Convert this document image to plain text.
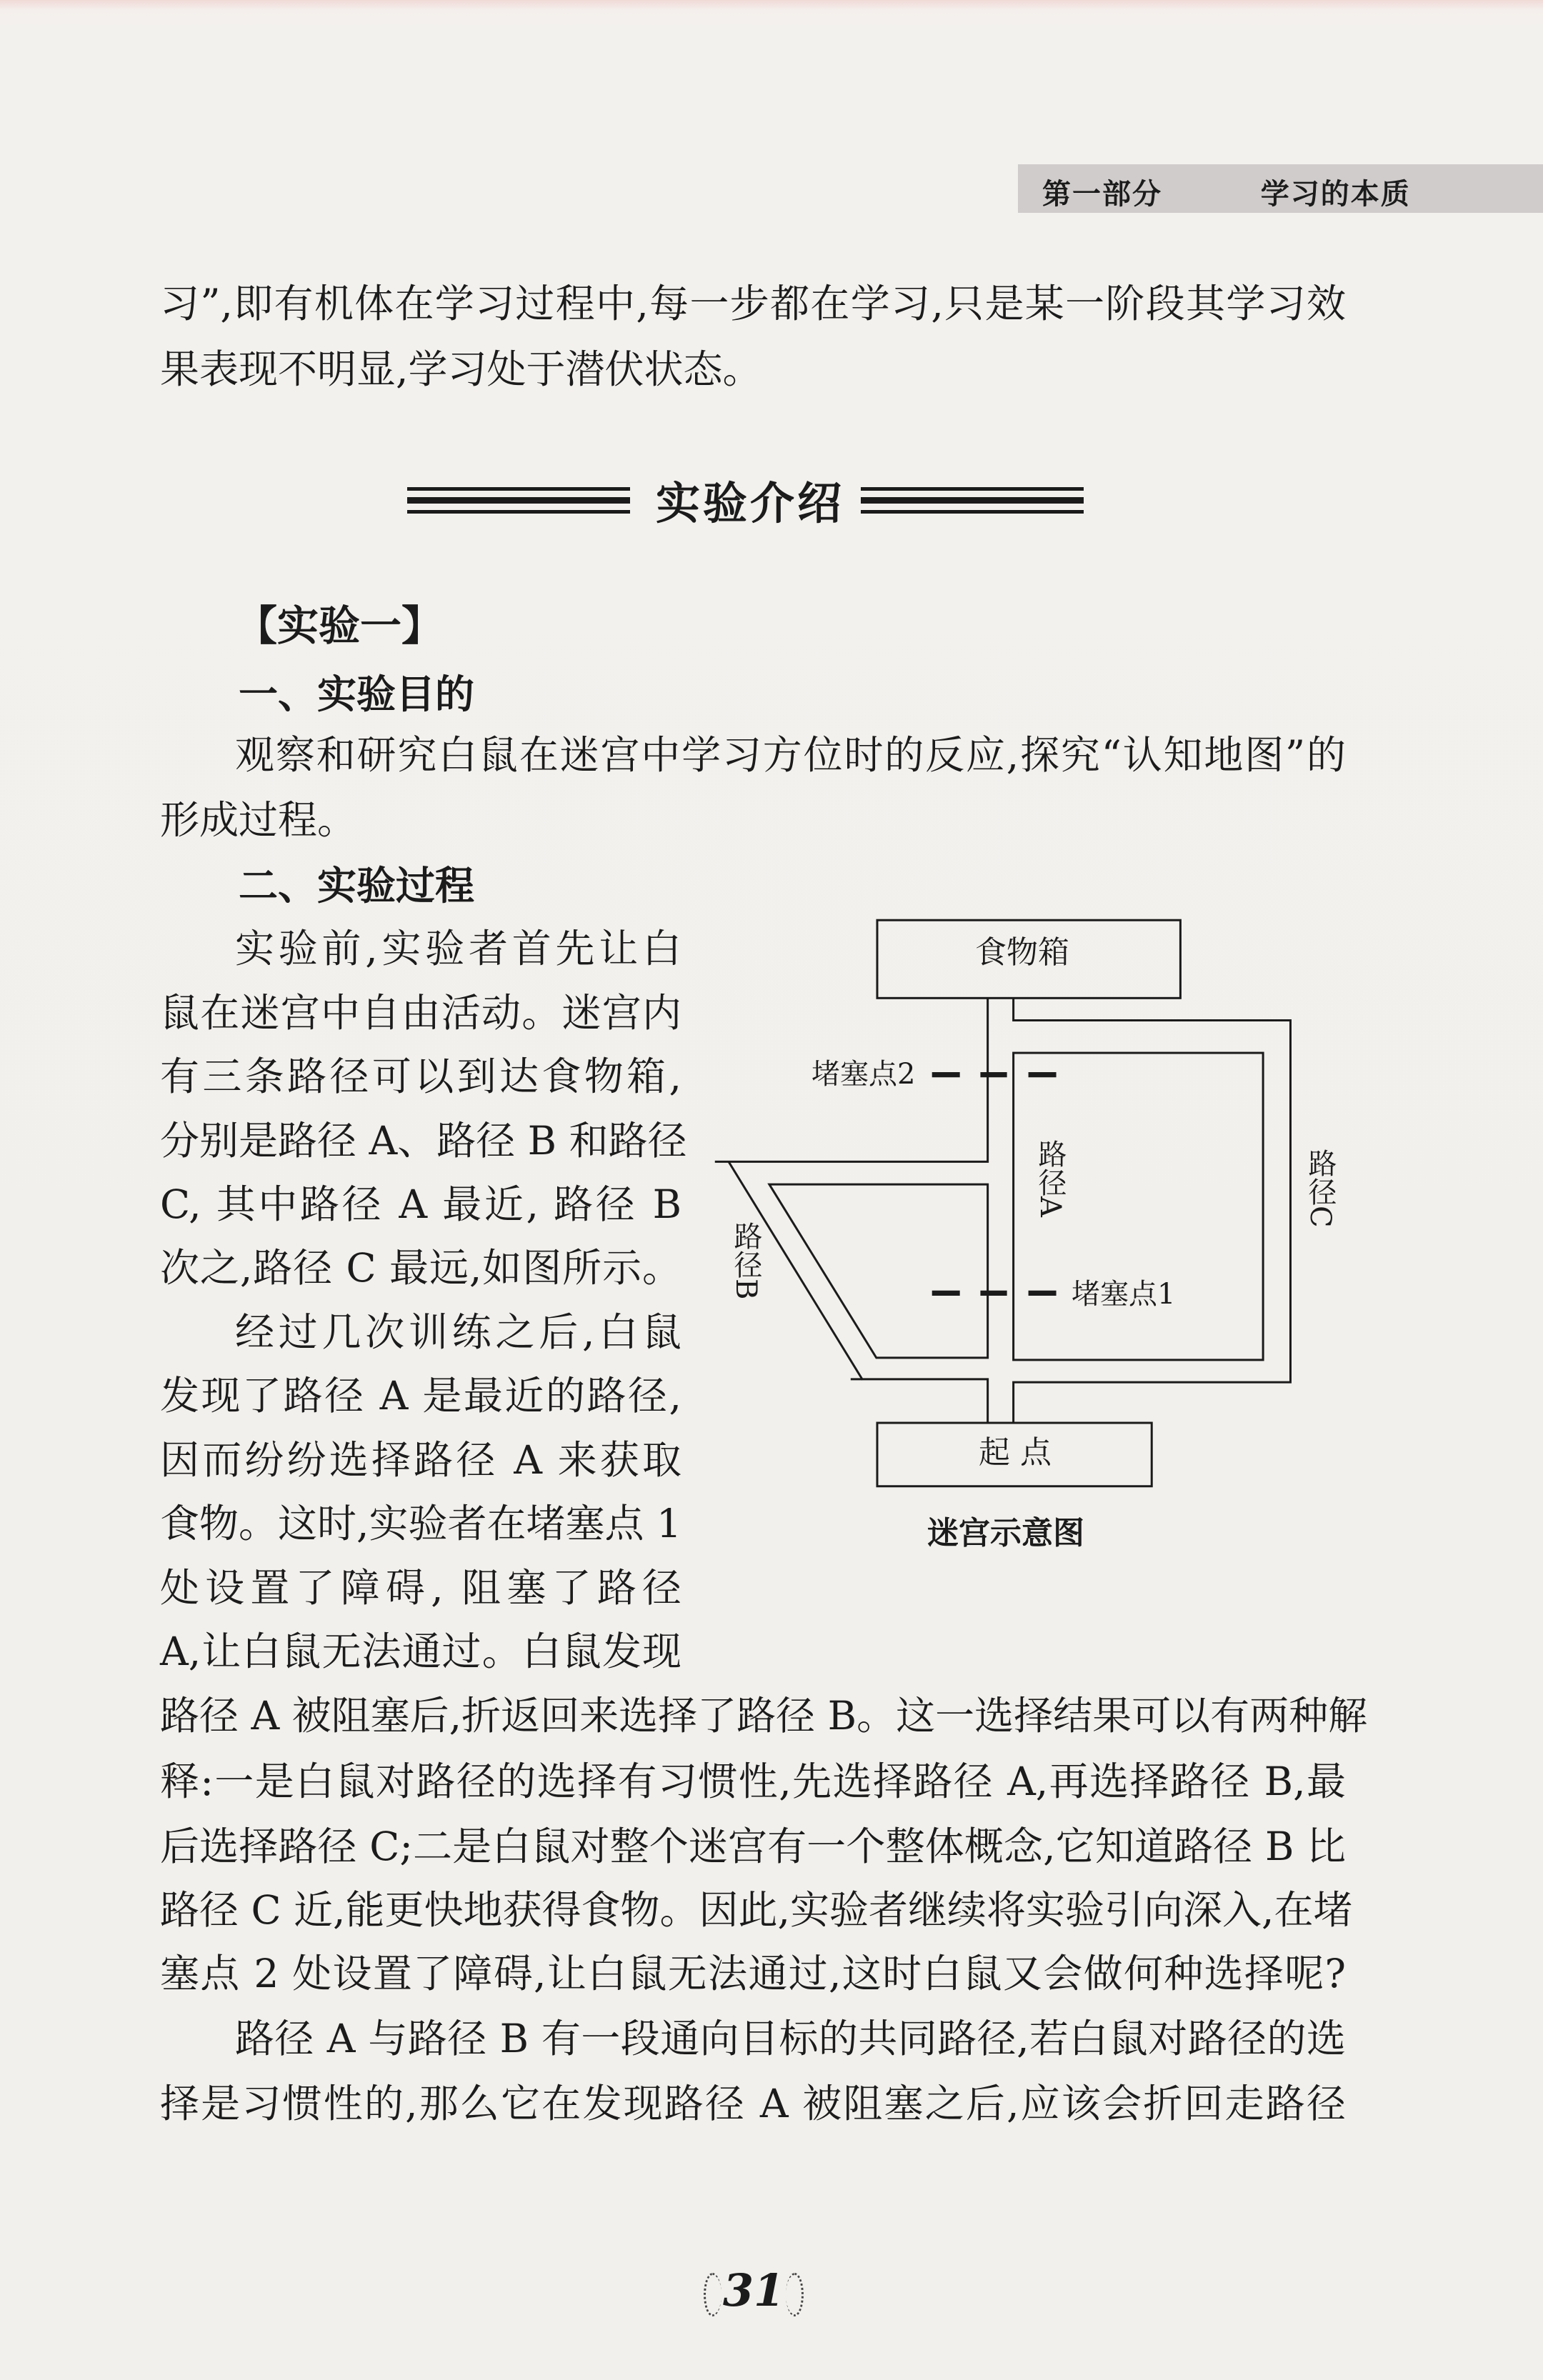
第一部分   学习的本质
习”,即有机体在学习过程中,每一步都在学习,只是某一阶段其学习效
果表现不明显,学习处于潜伏状态。
实验介绍
【实验一】
一、实验目的
观察和研究白鼠在迷宫中学习方位时的反应,探究“认知地图”的
形成过程。
二、实验过程
实验前,实验者首先让白
鼠在迷宫中自由活动。迷宫内
有三条路径可以到达食物箱,
分别是路径 A、路径 B 和路径
C, 其中路径 A 最近, 路径 B
次之,路径 C 最远,如图所示。
经过几次训练之后,白鼠
发现了路径 A 是最近的路径,
因而纷纷选择路径 A 来获取
食物。这时,实验者在堵塞点 1
处设置了障碍, 阻塞了路径
A,让白鼠无法通过。白鼠发现
路径 A 被阻塞后,折返回来选择了路径 B。这一选择结果可以有两种解
释:一是白鼠对路径的选择有习惯性,先选择路径 A,再选择路径 B,最
后选择路径 C;二是白鼠对整个迷宫有一个整体概念,它知道路径 B 比
路径 C 近,能更快地获得食物。因此,实验者继续将实验引向深入,在堵
塞点 2 处设置了障碍,让白鼠无法通过,这时白鼠又会做何种选择呢?
路径 A 与路径 B 有一段通向目标的共同路径,若白鼠对路径的选
择是习惯性的,那么它在发现路径 A 被阻塞之后,应该会折回走路径
食物箱
起 点
堵塞点2
堵塞点1
路径A	路径C
路径B
迷宫示意图
31
